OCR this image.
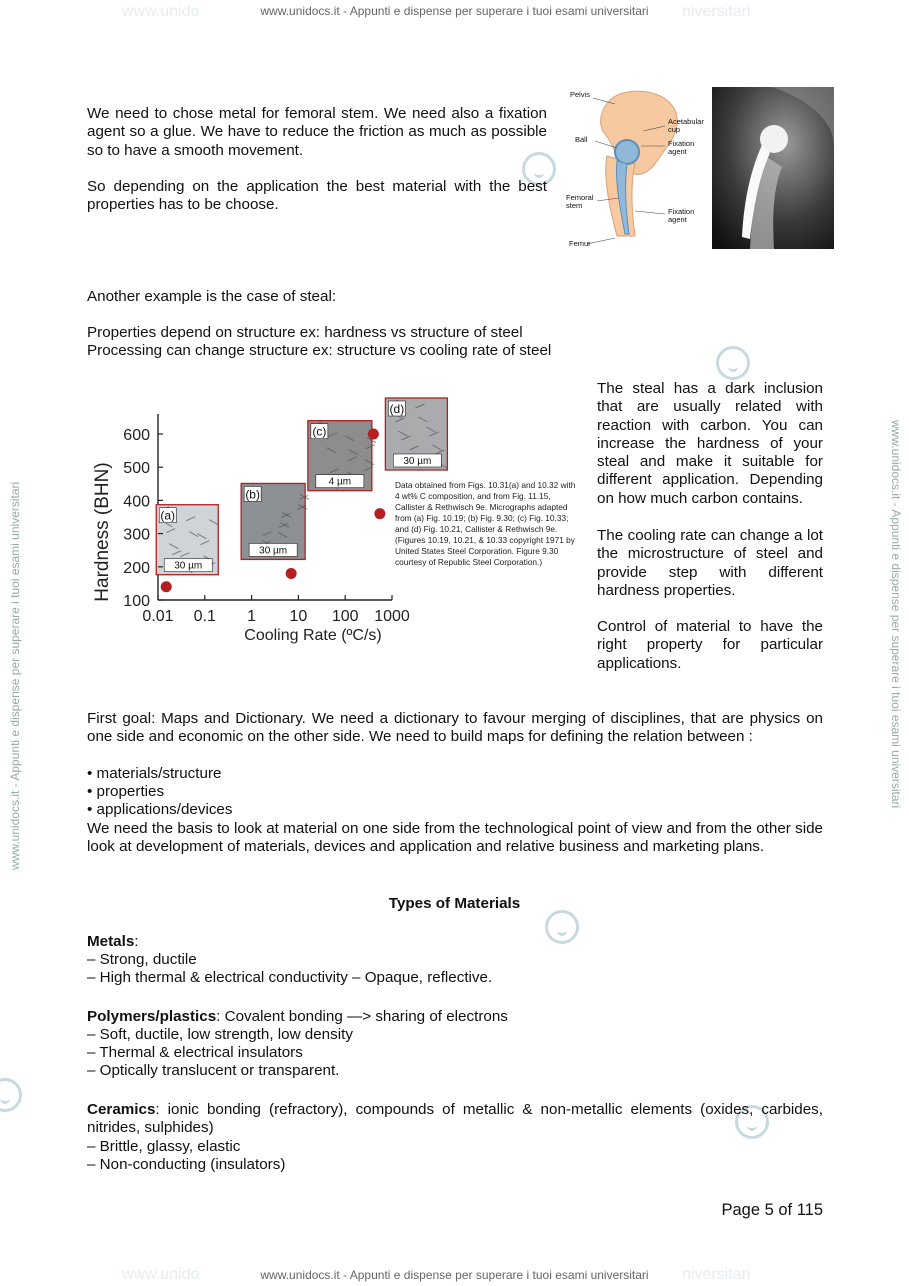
www.unido	niversitari
www.unidocs.it - Appunti e dispense per superare i tuoi esami universitari
www.unidocs.it - Appunti e dispense per superare i tuoi esami universitari	www.unidocs.it - Appunti e dispense per superare i tuoi esami universitari
We need to chose metal for femoral stem. We need also a fixation agent so a glue. We have to reduce the friction as much as possible so to have a smooth movement.
So depending on the application the best material with the best properties has to be choose.
Pelvis
Acetabular cup
Ball	Fixation agent
Femoral stem
Fixation agent
Femur
Another example is the case of steal:
Properties depend on structure ex: hardness vs structure of steel
Processing can change structure ex: structure vs cooling rate of steel
(a)
30 µm
(b)
30 µm
(c)
4 µm
(d)
30 µm
0.01 0.1 1 10 100 1000
100
200
300
400
500
600
Cooling Rate (ºC/s)
Hardness (BHN)	Data obtained from Figs. 10.31(a) and 10.32 with 4 wt% C composition, and from Fig. 11.15, Callister & Rethwisch 9e. Micrographs adapted from (a) Fig. 10.19; (b) Fig. 9.30; (c) Fig. 10.33; and (d) Fig. 10.21, Callister & Rethwisch 9e. (Figures 10.19, 10.21, & 10.33 copyright 1971 by United States Steel Corporation. Figure 9.30 courtesy of Republic Steel Corporation.)
The steal has a dark inclusion that are usually related with reaction with carbon. You can increase the hardness of your steal and make it suitable for different application. Depending on how much carbon contains.
The cooling rate can change a lot the microstructure of steel and provide step with different hardness properties.
Control of material to have the right property for particular applications.
First goal: Maps and Dictionary. We need a dictionary to favour merging of disciplines, that are physics on one side and economic on the other side. We need to build maps for defining the relation between :
• materials/structure
• properties
• applications/devices
We need the basis to look at material on one side from the technological point of view and from the other side look at development of materials, devices and application and relative business and marketing plans.
Types of Materials
Metals:
– Strong, ductile
– High thermal & electrical conductivity – Opaque, reflective.
Polymers/plastics: Covalent bonding —> sharing of electrons
– Soft, ductile, low strength, low density
– Thermal & electrical insulators
– Optically translucent or transparent.
Ceramics: ionic bonding (refractory), compounds of metallic & non-metallic elements (oxides, carbides, nitrides, sulphides)
– Brittle, glassy, elastic
– Non-conducting (insulators)
Page 5 of 115
www.unido	niversitari
www.unidocs.it - Appunti e dispense per superare i tuoi esami universitari
